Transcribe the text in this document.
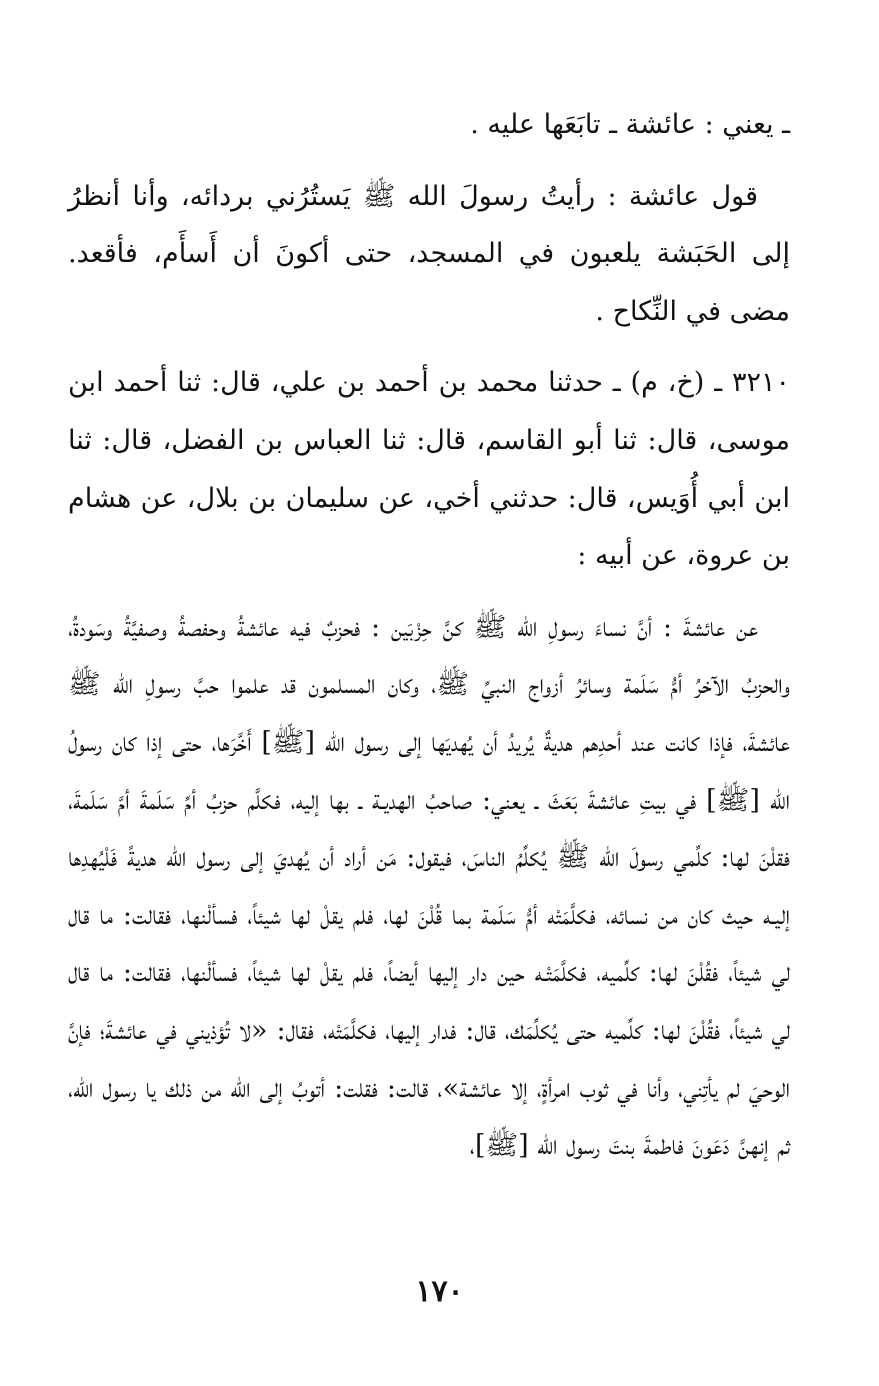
ـ يعني : عائشة ـ تابَعَها عليه .

قول عائشة : رأيتُ رسولَ الله ﷺ يَستُرُني بردائه، وأنا أنظرُ إلى الحَبَشة يلعبون في المسجد، حتى أكونَ أن أَسأَم، فأقعد. مضى في النِّكاح .

٣٢١٠ ـ (خ، م) ـ حدثنا محمد بن أحمد بن علي، قال: ثنا أحمد ابن موسى، قال: ثنا أبو القاسم، قال: ثنا العباس بن الفضل، قال: ثنا ابن أبي أُوَيس، قال: حدثني أخي، عن سليمان بن بلال، عن هشام بن عروة، عن أبيه :

عن عائشةَ : أنَّ نساءَ رسولِ الله ﷺ كنَّ حِزْبَين : فحزبٌ فيه عائشةُ وحفصةُ وصفيَّةُ وسَودةُ، والحزبُ الآخرُ أمُّ سَلَمة وسائرُ أزواج النبيِّ ﷺ، وكان المسلمون قد علموا حبَّ رسولِ الله ﷺ عائشةَ، فإذا كانت عند أحدِهم هديةٌ يُريدُ أن يُهديَها إلى رسول الله [ﷺ] أَخَّرَها، حتى إذا كان رسولُ الله [ﷺ] في بيتِ عائشةَ بَعَثَ ـ يعني: صاحبُ الهديـة ـ بها إليه، فكلَّم حزبُ أمِّ سَلَمةَ أمَّ سَلَمةَ، فقلْنَ لها: كلِّمي رسولَ الله ﷺ يُكلِّمُ الناسَ، فيقول: مَن أراد أن يُهديَ إلى رسول الله هديةً فَلْيُهدِها إليـه حيث كان من نسائه، فكلَّمَتْه أمُّ سَلَمة بما قُلْنَ لها، فلم يقلْ لها شيئاً، فسألْنها، فقالت: ما قال لي شيئاً، فقُلْنَ لها: كلِّميه، فكلَّمَتْـه حين دار إليها أيضاً، فلم يقلْ لها شيئاً، فسألْنها، فقالت: ما قال لي شيئاً، فقُلْنَ لها: كلِّميه حتى يُكلِّمَك، قال: فدار إليها، فكلَّمَتْه، فقال: «لا تُؤذيني في عائشةَ؛ فإنَّ الوحيَ لم يأتِني، وأنا في ثوب امرأةٍ، إلا عائشة»، قالت: فقلت: أتوبُ إلى الله من ذلك يا رسول الله، ثم إنهنَّ دَعَونَ فاطمةَ بنتَ رسول الله [ﷺ]،

١٧٠
